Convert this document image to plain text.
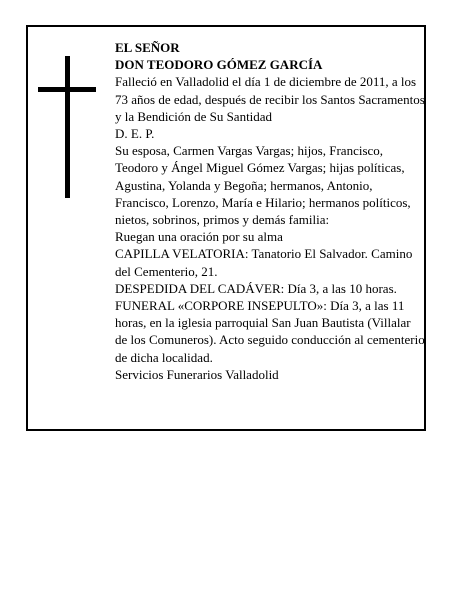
EL SEÑOR

DON TEODORO GÓMEZ GARCÍA

Falleció en Valladolid el día 1 de diciembre de 2011, a los 73 años de edad, después de recibir los Santos Sacramentos y la Bendición de Su Santidad

D. E. P.

Su esposa, Carmen Vargas Vargas; hijos, Francisco, Teodoro y Ángel Miguel Gómez Vargas; hijas políticas, Agustina, Yolanda y Begoña; hermanos, Antonio, Francisco, Lorenzo, María e Hilario; hermanos políticos, nietos, sobrinos, primos y demás familia:

Ruegan una oración por su alma

CAPILLA VELATORIA: Tanatorio El Salvador. Camino del Cementerio, 21.

DESPEDIDA DEL CADÁVER: Día 3, a las 10 horas.

FUNERAL «CORPORE INSEPULTO»: Día 3, a las 11 horas, en la iglesia parroquial San Juan Bautista (Villalar de los Comuneros). Acto seguido conducción al cementerio de dicha localidad.

Servicios Funerarios Valladolid
